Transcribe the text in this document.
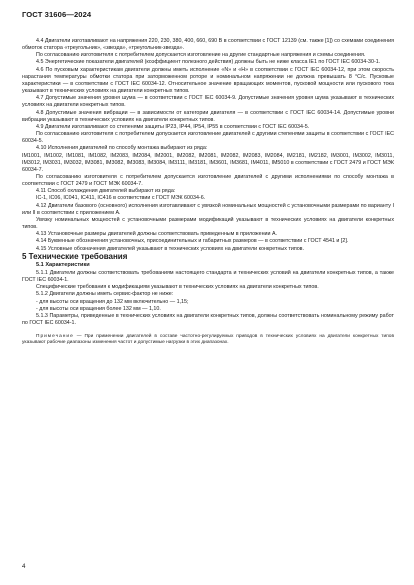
ГОСТ 31606—2024

4.4 Двигатели изготавливают на напряжения 220, 230, 380, 400, 660, 690 В в соответствии с ГОСТ 12139 (см. также [1]) со схемами соединения обмоток статора «треугольник», «звезда», «треугольник-звезда».

По согласованию изготовителя с потребителем допускается изготовление на другие стандартные напряжения и схемы соединения.

4.5 Энергетические показатели двигателей (коэффициент полезного действия) должны быть не ниже класса IE1 по ГОСТ IEC 60034-30-1.

4.6 По пусковым характеристикам двигатели должны иметь исполнение «N» и «H» в соответствии с ГОСТ IEC 60034-12, при этом скорость нарастания температуры обмотки статора при заторможенном роторе и номинальном напряжении не должна превышать 8 °С/с. Пусковые характеристики — в соответствии с ГОСТ IEC 60034-12. Относительное значение вращающих моментов, пусковой мощности или пускового тока указывают в технических условиях на двигатели конкретных типов.

4.7 Допустимые значения уровня шума — в соответствии с ГОСТ IEC 60034-9. Допустимые значения уровня шума указывают в технических условиях на двигатели конкретных типов.

4.8 Допустимые значения вибрации — в зависимости от категории двигателя — в соответствии с ГОСТ IEC 60034-14. Допустимые уровни вибрации указывают в технических условиях на двигатели конкретных типов.

4.9 Двигатели изготавливают со степенями защиты IP23, IP44, IP54, IP55 в соответствии с ГОСТ IEC 60034-5.

По согласованию изготовителя с потребителем допускается изготовление двигателей с другими степенями защиты в соответствии с ГОСТ IEC 60034-5.

4.10 Исполнения двигателей по способу монтажа выбирают из ряда:

IM1001, IM1002, IM1081, IM1082, IM2083, IM2084, IM2001, IM2082, IM2081, IM2082, IM2083, IM2084, IM2181, IM2182, IM3001, IM3002, IM3011, IM3012, IM3031, IM3032, IM3081, IM3082, IM3083, IM3084, IM3111, IM3181, IM3601, IM3681, IM4011, IM5010 в соответствии с ГОСТ 2479 и ГОСТ МЭК 60034-7.

По согласованию изготовителя с потребителем допускается изготовление двигателей с другими исполнениями по способу монтажа в соответствии с ГОСТ 2479 и ГОСТ МЭК 60034-7.

4.11 Способ охлаждения двигателей выбирают из ряда:

IC-1, IC06, IC041, IC411, IC416 в соответствии с ГОСТ МЭК 60034-6.

4.12 Двигатели базового (основного) исполнения изготавливают с увязкой номинальных мощностей с установочными размерами по варианту I или II в соответствии с приложением А.

Увязку номинальных мощностей с установочными размерами модификаций указывают в технических условиях на двигатели конкретных типов.

4.13 Установочные размеры двигателей должны соответствовать приведенным в приложении А.

4.14 Буквенные обозначения установочных, присоединительных и габаритных размеров — в соответствии с ГОСТ 4541 и [2].

4.15 Условные обозначения двигателей указывают в технических условиях на двигатели конкретных типов.

5 Технические требования

5.1 Характеристики

5.1.1 Двигатели должны соответствовать требованиям настоящего стандарта и технических условий на двигатели конкретных типов, а также ГОСТ IEC 60034-1.

Специфические требования к модификациям указывают в технических условиях на двигатели конкретных типов.

5.1.2 Двигатели должны иметь сервис-фактор не ниже:

- для высоты оси вращения до 132 мм включительно — 1,15;

- для высоты оси вращения более 132 мм — 1,10.

5.1.3 Параметры, приведенные в технических условиях на двигатели конкретных типов, должны соответствовать номинальному режиму работ по ГОСТ IEC 60034-1.

Примечание — При применении двигателей в составе частотно-регулируемых приводов в технических условиях на двигатели конкретных типов указывают рабочие диапазоны изменения частот и допустимые нагрузки в этих диапазонах.

4
